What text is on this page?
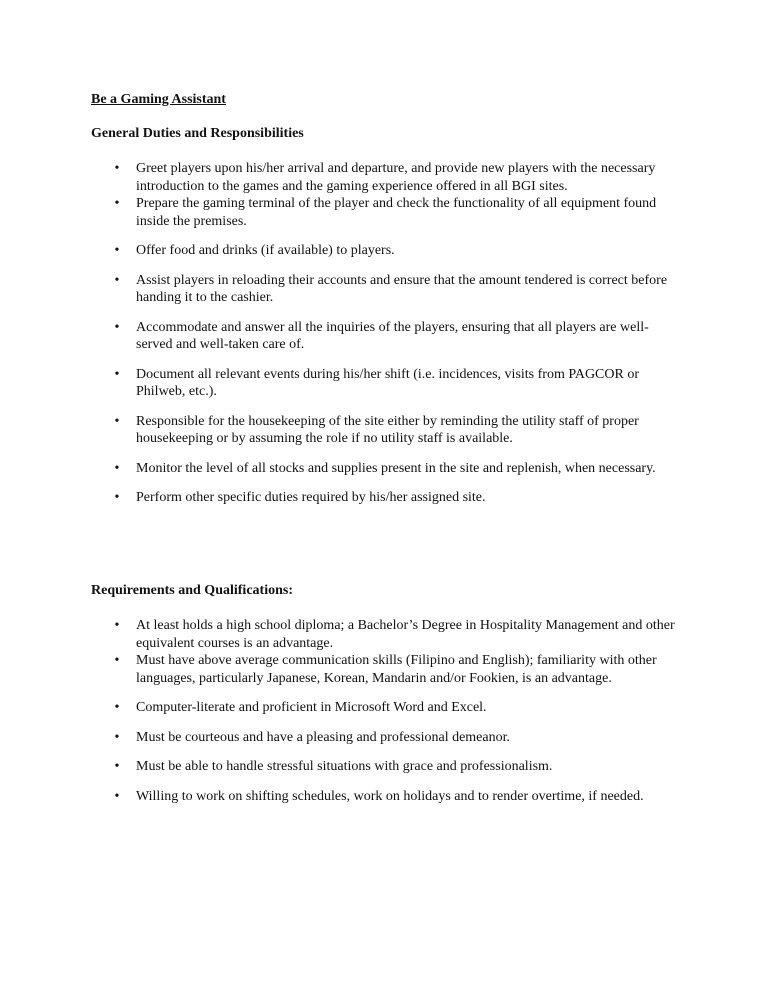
Be a Gaming Assistant
General Duties and Responsibilities
• Greet players upon his/her arrival and departure, and provide new players with the necessary introduction to the games and the gaming experience offered in all BGI sites.
• Prepare the gaming terminal of the player and check the functionality of all equipment found inside the premises.
• Offer food and drinks (if available) to players.
• Assist players in reloading their accounts and ensure that the amount tendered is correct before handing it to the cashier.
• Accommodate and answer all the inquiries of the players, ensuring that all players are well-served and well-taken care of.
• Document all relevant events during his/her shift (i.e. incidences, visits from PAGCOR or Philweb, etc.).
• Responsible for the housekeeping of the site either by reminding the utility staff of proper housekeeping or by assuming the role if no utility staff is available.
• Monitor the level of all stocks and supplies present in the site and replenish, when necessary.
• Perform other specific duties required by his/her assigned site.
Requirements and Qualifications:
• At least holds a high school diploma; a Bachelor’s Degree in Hospitality Management and other equivalent courses is an advantage.
• Must have above average communication skills (Filipino and English); familiarity with other languages, particularly Japanese, Korean, Mandarin and/or Fookien, is an advantage.
• Computer-literate and proficient in Microsoft Word and Excel.
• Must be courteous and have a pleasing and professional demeanor.
• Must be able to handle stressful situations with grace and professionalism.
• Willing to work on shifting schedules, work on holidays and to render overtime, if needed.
